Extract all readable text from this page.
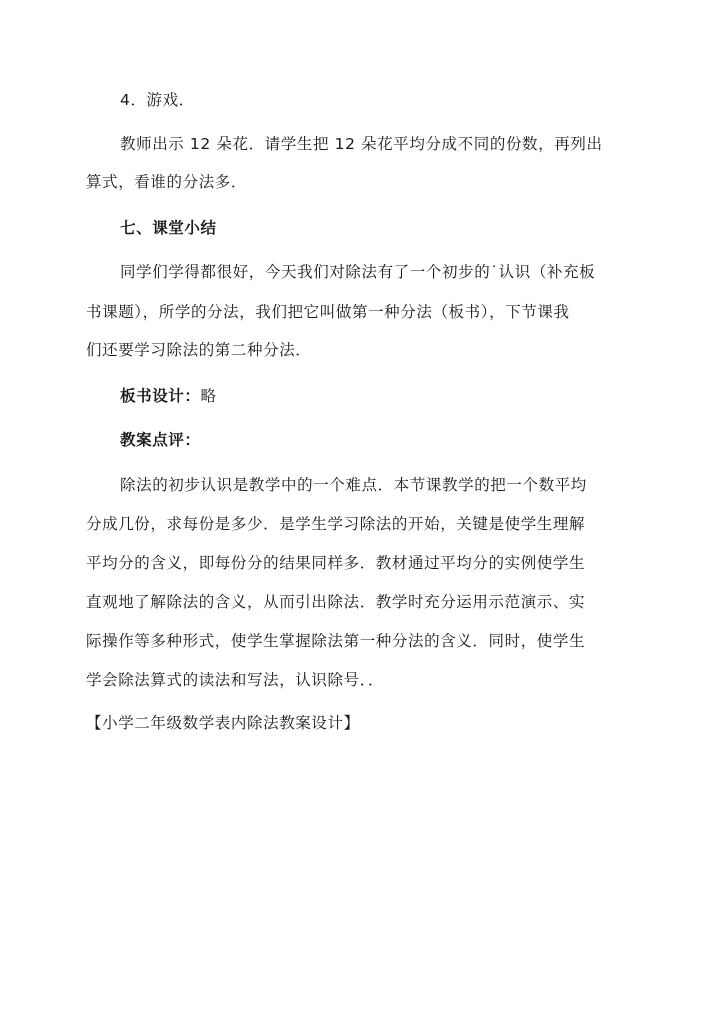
4．游戏．
教师出示 12 朵花．请学生把 12 朵花平均分成不同的份数，再列出
算式，看谁的分法多．
七、课堂小结
同学们学得都很好，今天我们对除法有了一个初步的˙认识（补充板
书课题），所学的分法，我们把它叫做第一种分法（板书），下节课我
们还要学习除法的第二种分法．
板书设计：略
教案点评：
除法的初步认识是教学中的一个难点．本节课教学的把一个数平均
分成几份，求每份是多少．是学生学习除法的开始，关键是使学生理解
平均分的含义，即每份分的结果同样多．教材通过平均分的实例使学生
直观地了解除法的含义，从而引出除法．教学时充分运用示范演示、实
际操作等多种形式，使学生掌握除法第一种分法的含义．同时，使学生
学会除法算式的读法和写法，认识除号．．
【小学二年级数学表内除法教案设计】
